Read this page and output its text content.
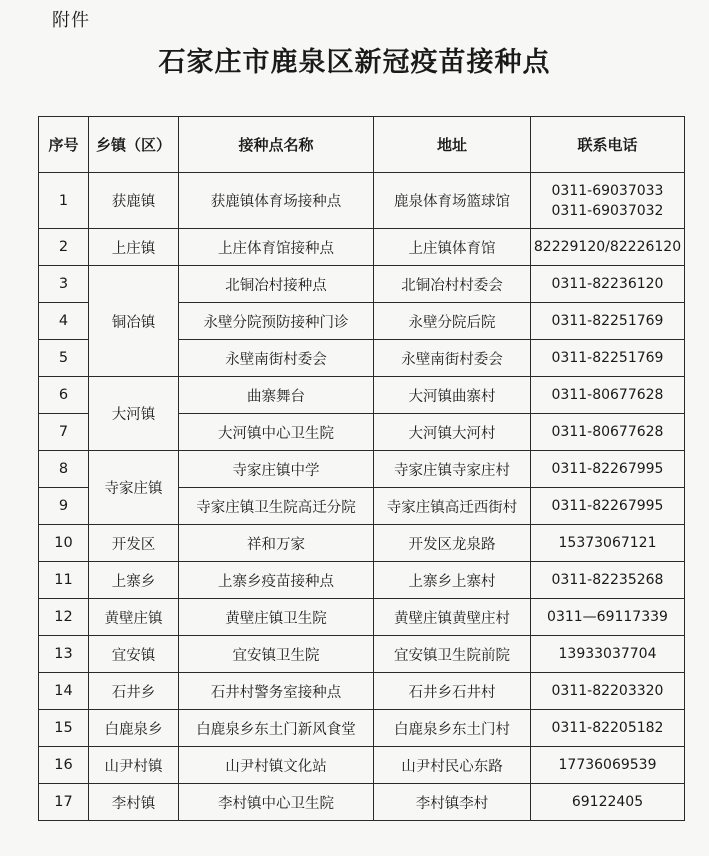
附件
石家庄市鹿泉区新冠疫苗接种点
序号	乡镇（区）	接种点名称	地址	联系电话
1	获鹿镇	获鹿镇体育场接种点	鹿泉体育场篮球馆	0311-69037033
0311-69037032

2	上庄镇	上庄体育馆接种点	上庄镇体育馆	82229120/82226120

3	铜冶镇	北铜冶村接种点	北铜冶村村委会	0311-82236120

4		永壁分院预防接种门诊	永壁分院后院	0311-82251769

5		永壁南街村委会	永壁南街村委会	0311-82251769

6	大河镇	曲寨舞台	大河镇曲寨村	0311-80677628

7		大河镇中心卫生院	大河镇大河村	0311-80677628

8	寺家庄镇	寺家庄镇中学	寺家庄镇寺家庄村	0311-82267995

9		寺家庄镇卫生院高迁分院	寺家庄镇高迁西街村	0311-82267995

10	开发区	祥和万家	开发区龙泉路	15373067121

11	上寨乡	上寨乡疫苗接种点	上寨乡上寨村	0311-82235268

12	黄壁庄镇	黄壁庄镇卫生院	黄壁庄镇黄壁庄村	0311—69117339

13	宜安镇	宜安镇卫生院	宜安镇卫生院前院	13933037704

14	石井乡	石井村警务室接种点	石井乡石井村	0311-82203320

15	白鹿泉乡	白鹿泉乡东土门新风食堂	白鹿泉乡东土门村	0311-82205182

16	山尹村镇	山尹村镇文化站	山尹村民心东路	17736069539

17	李村镇	李村镇中心卫生院	李村镇李村	69122405
